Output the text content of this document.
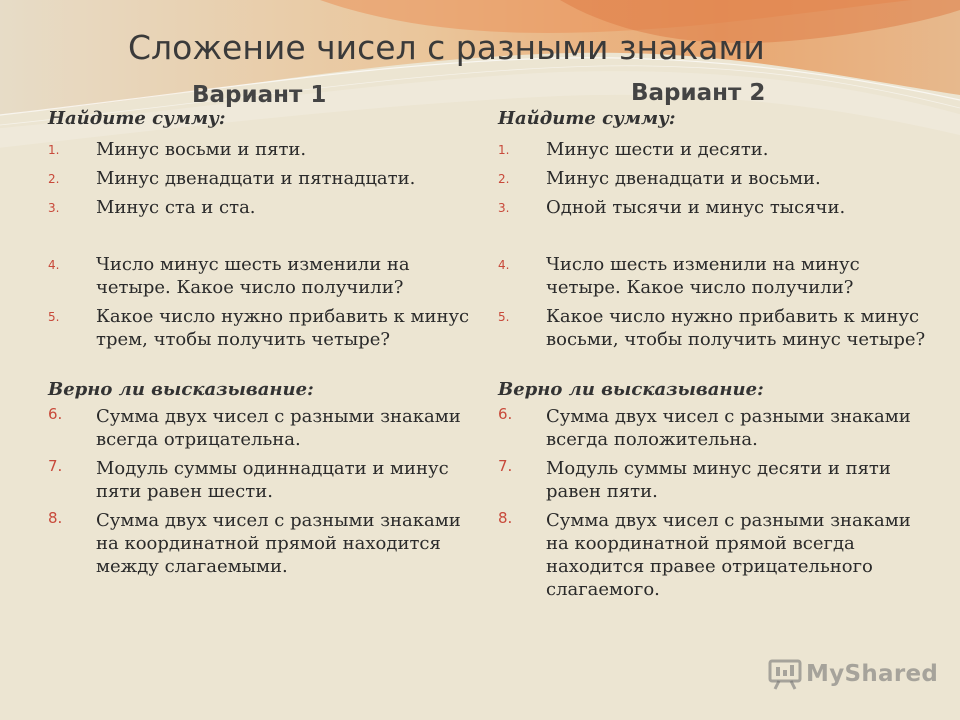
Сложение чисел с разными знаками
Вариант 1	Вариант 2
Найдите сумму:
1. Минус восьми и пяти.
2. Минус двенадцати и пятнадцати.
3. Минус ста и ста.
4. Число минус шесть изменили на четыре. Какое число получили?
5. Какое число нужно прибавить к минус трем, чтобы получить четыре?
Верно ли высказывание:
6. Сумма двух чисел с разными знаками всегда отрицательна.
7. Модуль суммы одиннадцати и минус пяти равен шести.
8. Сумма двух чисел с разными знаками на координатной прямой находится между слагаемыми.
Найдите сумму:
1. Минус шести и десяти.
2. Минус двенадцати и восьми.
3. Одной тысячи и минус тысячи.
4. Число шесть изменили на минус четыре. Какое число получили?
5. Какое число нужно прибавить к минус восьми, чтобы получить минус четыре?
Верно ли высказывание:
6. Сумма двух чисел с разными знаками всегда положительна.
7. Модуль суммы минус десяти и пяти равен пяти.
8. Сумма двух чисел с разными знаками на координатной прямой всегда находится правее отрицательного слагаемого.
MyShared
